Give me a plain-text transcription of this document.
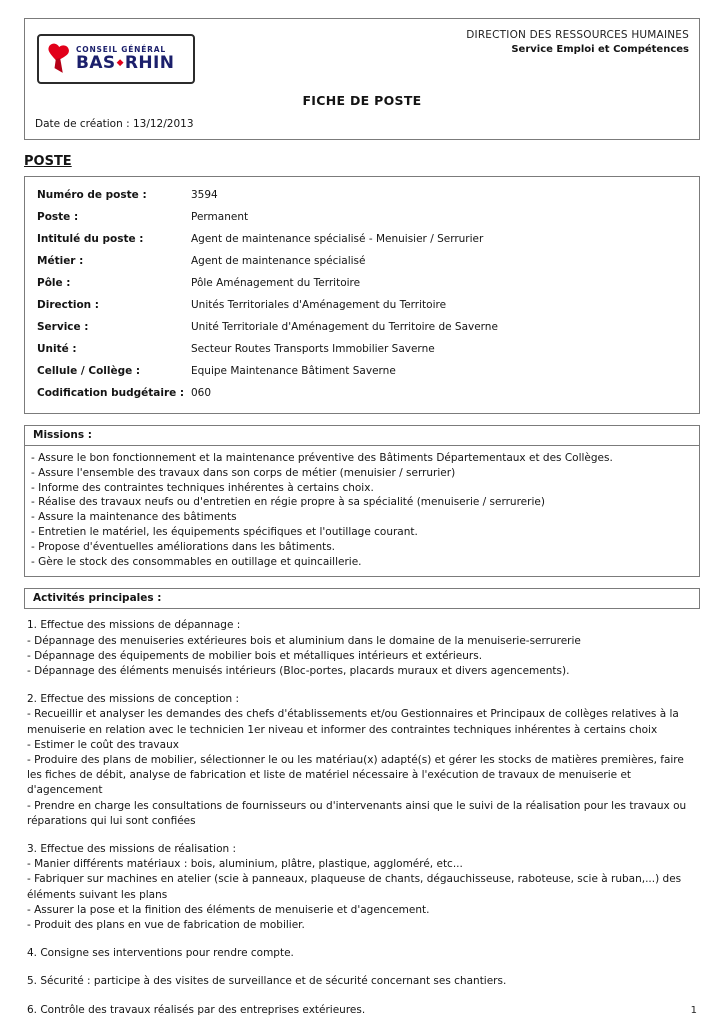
CONSEIL GÉNÉRAL
BAS◆RHIN
DIRECTION DES RESSOURCES HUMAINES
Service Emploi et Compétences
FICHE DE POSTE
Date de création : 13/12/2013
POSTE
Numéro de poste :	3594
Poste :	Permanent
Intitulé du poste :	Agent de maintenance spécialisé - Menuisier / Serrurier
Métier :	Agent de maintenance spécialisé
Pôle :	Pôle Aménagement du Territoire
Direction :	Unités Territoriales d'Aménagement du Territoire
Service :	Unité Territoriale d'Aménagement du Territoire de Saverne
Unité :	Secteur Routes Transports Immobilier Saverne
Cellule / Collège :	Equipe Maintenance Bâtiment Saverne
Codification budgétaire : 060
Missions :
- Assure le bon fonctionnement et la maintenance préventive des Bâtiments Départementaux et des Collèges.
- Assure l'ensemble des travaux dans son corps de métier (menuisier / serrurier)
- Informe des contraintes techniques inhérentes à certains choix.
- Réalise des travaux neufs ou d'entretien en régie propre à sa spécialité (menuiserie / serrurerie)
- Assure la maintenance des bâtiments
- Entretien le matériel, les équipements spécifiques et l'outillage courant.
- Propose d'éventuelles améliorations dans les bâtiments.
- Gère le stock des consommables en outillage et quincaillerie.
Activités principales :
1. Effectue des missions de dépannage :
- Dépannage des menuiseries extérieures bois et aluminium dans le domaine de la menuiserie-serrurerie
- Dépannage des équipements de mobilier bois et métalliques intérieurs et extérieurs.
- Dépannage des éléments menuisés intérieurs (Bloc-portes, placards muraux et divers agencements).
2. Effectue des missions de conception :
- Recueillir et analyser les demandes des chefs d'établissements et/ou Gestionnaires et Principaux de collèges relatives à la menuiserie en relation avec le technicien 1er niveau et informer des contraintes techniques inhérentes à certains choix
- Estimer le coût des travaux
- Produire des plans de mobilier, sélectionner le ou les matériau(x) adapté(s) et gérer les stocks de matières premières, faire les fiches de débit, analyse de fabrication et liste de matériel nécessaire à l'exécution de travaux de menuiserie et d'agencement
- Prendre en charge les consultations de fournisseurs ou d'intervenants ainsi que le suivi de la réalisation pour les travaux ou réparations qui lui sont confiées
3. Effectue des missions de réalisation :
- Manier différents matériaux : bois, aluminium, plâtre, plastique, aggloméré, etc...
- Fabriquer sur machines en atelier (scie à panneaux, plaqueuse de chants, dégauchisseuse, raboteuse, scie à ruban,...) des éléments suivant les plans
- Assurer la pose et la finition des éléments de menuiserie et d'agencement.
- Produit des plans en vue de fabrication de mobilier.
4. Consigne ses interventions pour rendre compte.
5. Sécurité : participe à des visites de surveillance et de sécurité concernant ses chantiers.
6. Contrôle des travaux réalisés par des entreprises extérieures.	1
